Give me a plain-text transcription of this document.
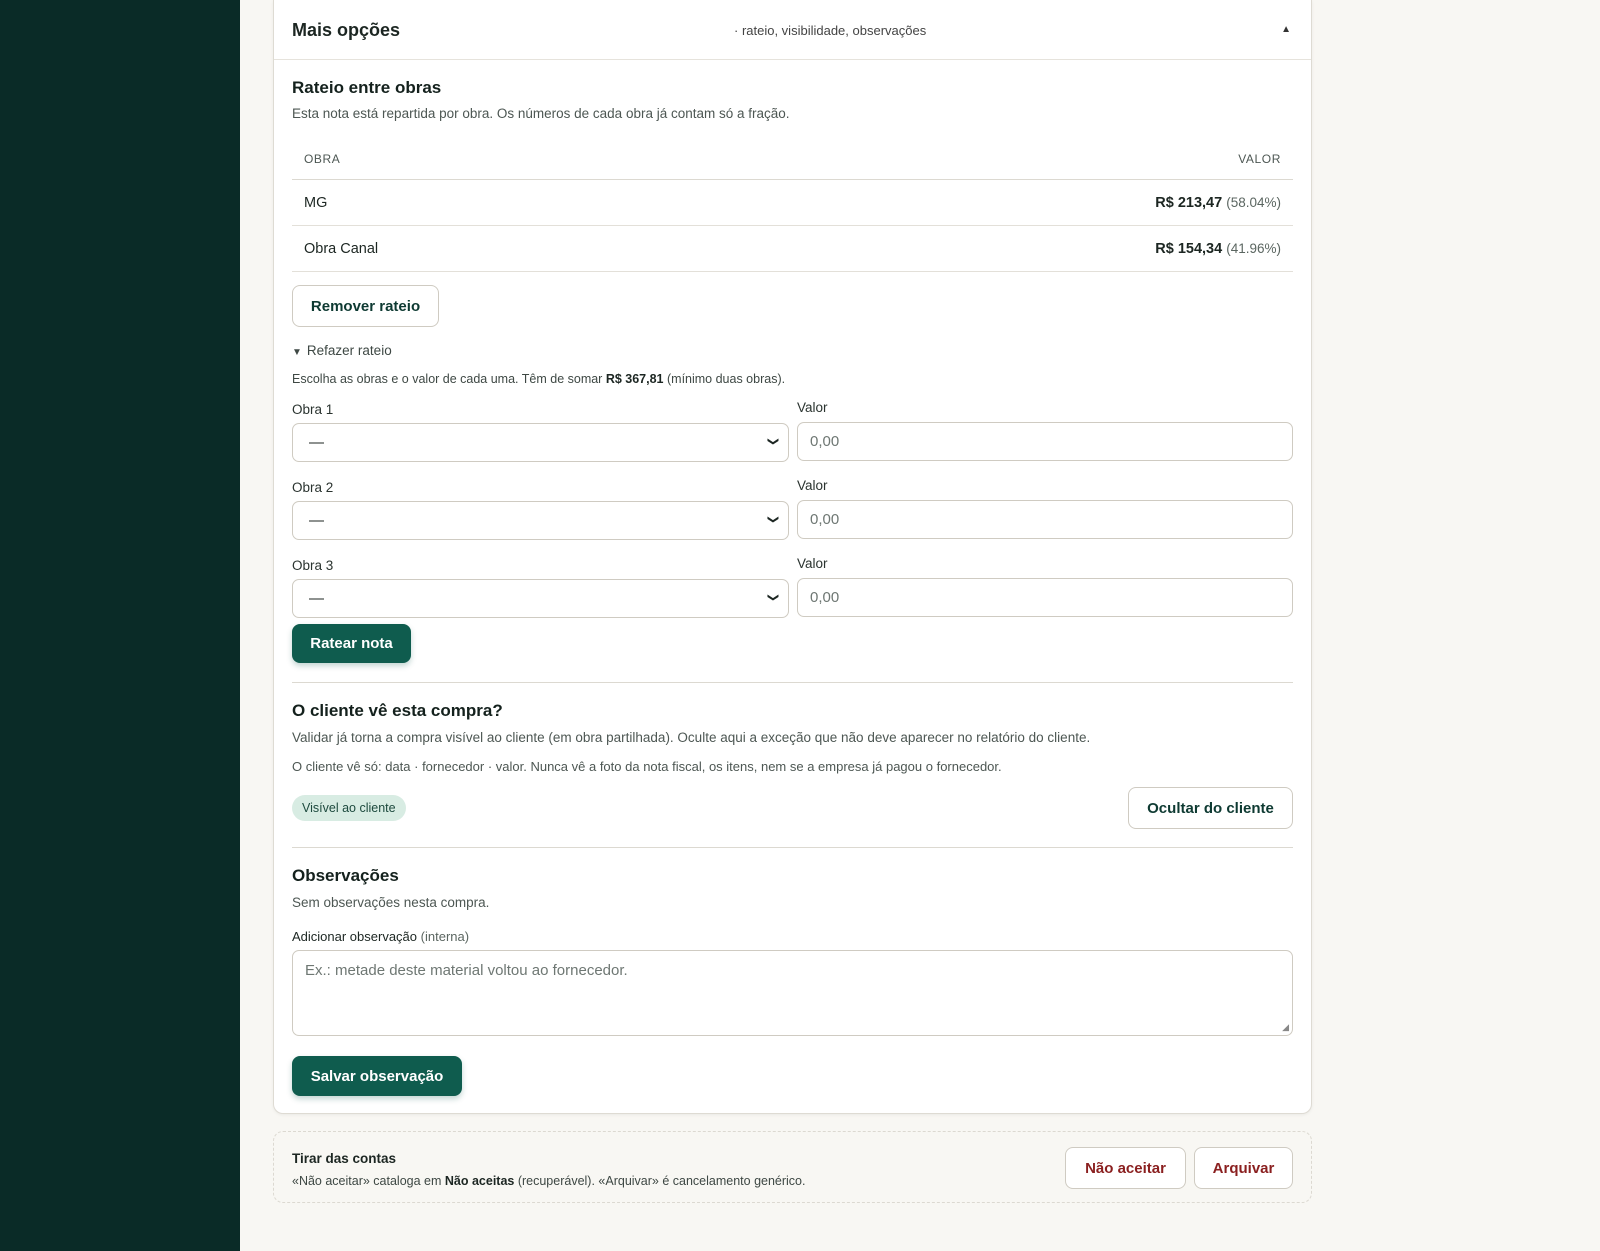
Mais opções	· rateio, visibilidade, observações	▲
Rateio entre obras
Esta nota está repartida por obra. Os números de cada obra já contam só a fração.
OBRA	VALOR
MG	R$ 213,47 (58.04%)
Obra Canal	R$ 154,34 (41.96%)
Remover rateio
▼ Refazer rateio
Escolha as obras e o valor de cada uma. Têm de somar R$ 367,81 (mínimo duas obras).
Obra 1	Valor
—	❯ 0,00
Obra 2	Valor
—	❯ 0,00
Obra 3	Valor
—	❯ 0,00
Ratear nota
O cliente vê esta compra?
Validar já torna a compra visível ao cliente (em obra partilhada). Oculte aqui a exceção que não deve aparecer no relatório do cliente.
O cliente vê só: data · fornecedor · valor. Nunca vê a foto da nota fiscal, os itens, nem se a empresa já pagou o fornecedor.
Visível ao cliente	Ocultar do cliente
Observações
Sem observações nesta compra.
Adicionar observação (interna)
Ex.: metade deste material voltou ao fornecedor.
◢
Salvar observação
Tirar das contas
«Não aceitar» cataloga em Não aceitas (recuperável). «Arquivar» é cancelamento genérico.
Não aceitar	Arquivar
